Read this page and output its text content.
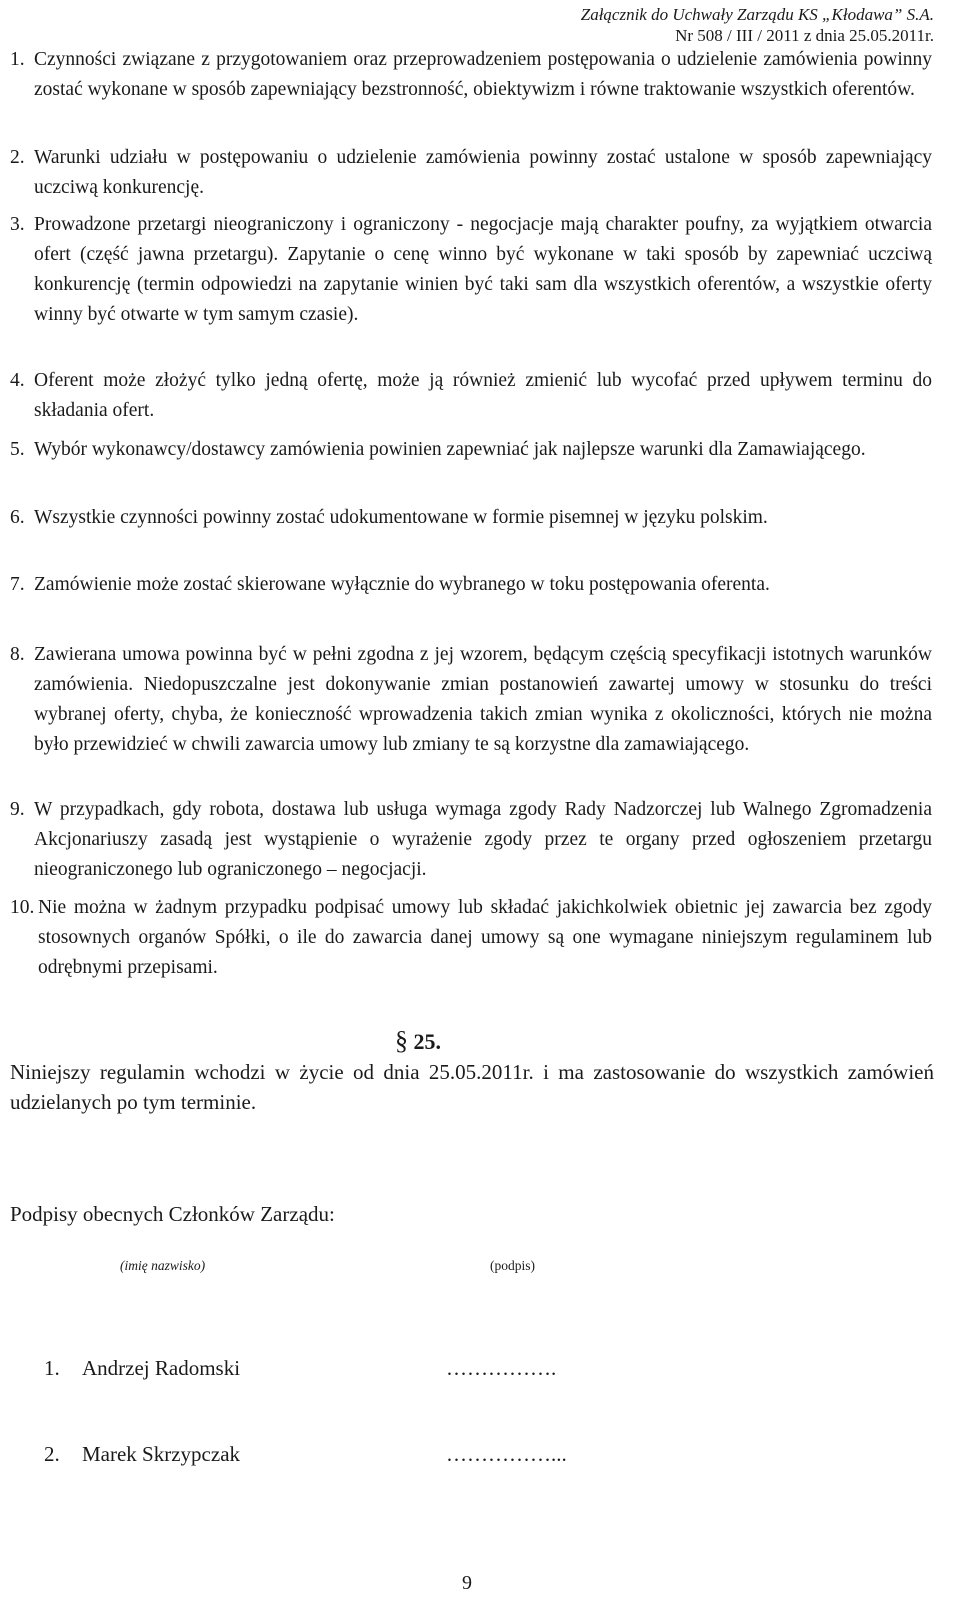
Załącznik do Uchwały Zarządu KS „Kłodawa” S.A.
Nr 508 / III / 2011 z dnia 25.05.2011r.
1. Czynności związane z przygotowaniem oraz przeprowadzeniem postępowania o udzielenie zamówienia powinny zostać wykonane w sposób zapewniający bezstronność, obiektywizm i równe traktowanie wszystkich oferentów.
2. Warunki udziału w postępowaniu o udzielenie zamówienia powinny zostać ustalone w sposób zapewniający uczciwą konkurencję.
3. Prowadzone przetargi nieograniczony i ograniczony - negocjacje mają charakter poufny, za wyjątkiem otwarcia ofert (część jawna przetargu). Zapytanie o cenę winno być wykonane w taki sposób by zapewniać uczciwą konkurencję (termin odpowiedzi na zapytanie winien być taki sam dla wszystkich oferentów, a wszystkie oferty winny być otwarte w tym samym czasie).
4. Oferent może złożyć tylko jedną ofertę, może ją również zmienić lub wycofać przed upływem terminu do składania ofert.
5. Wybór wykonawcy/dostawcy zamówienia powinien zapewniać jak najlepsze warunki dla Zamawiającego.
6. Wszystkie czynności powinny zostać udokumentowane w formie pisemnej w języku polskim.
7. Zamówienie może zostać skierowane wyłącznie do wybranego w toku postępowania oferenta.
8. Zawierana umowa powinna być w pełni zgodna z jej wzorem, będącym częścią specyfikacji istotnych warunków zamówienia. Niedopuszczalne jest dokonywanie zmian postanowień zawartej umowy w stosunku do treści wybranej oferty, chyba, że konieczność wprowadzenia takich zmian wynika z okoliczności, których nie można było przewidzieć w chwili zawarcia umowy lub zmiany te są korzystne dla zamawiającego.
9. W przypadkach, gdy robota, dostawa lub usługa wymaga zgody Rady Nadzorczej lub Walnego Zgromadzenia Akcjonariuszy zasadą jest wystąpienie o wyrażenie zgody przez te organy przed ogłoszeniem przetargu nieograniczonego lub ograniczonego – negocjacji.
10. Nie można w żadnym przypadku podpisać umowy lub składać jakichkolwiek obietnic jej zawarcia bez zgody stosownych organów Spółki, o ile do zawarcia danej umowy są one wymagane niniejszym regulaminem lub odrębnymi przepisami.
§ 25.
Niniejszy regulamin wchodzi w życie od dnia 25.05.2011r. i ma zastosowanie do wszystkich zamówień udzielanych po tym terminie.
Podpisy obecnych Członków Zarządu:
(imię nazwisko)	(podpis)
1. Andrzej Radomski	…………….
2. Marek Skrzypczak	……………...
9
